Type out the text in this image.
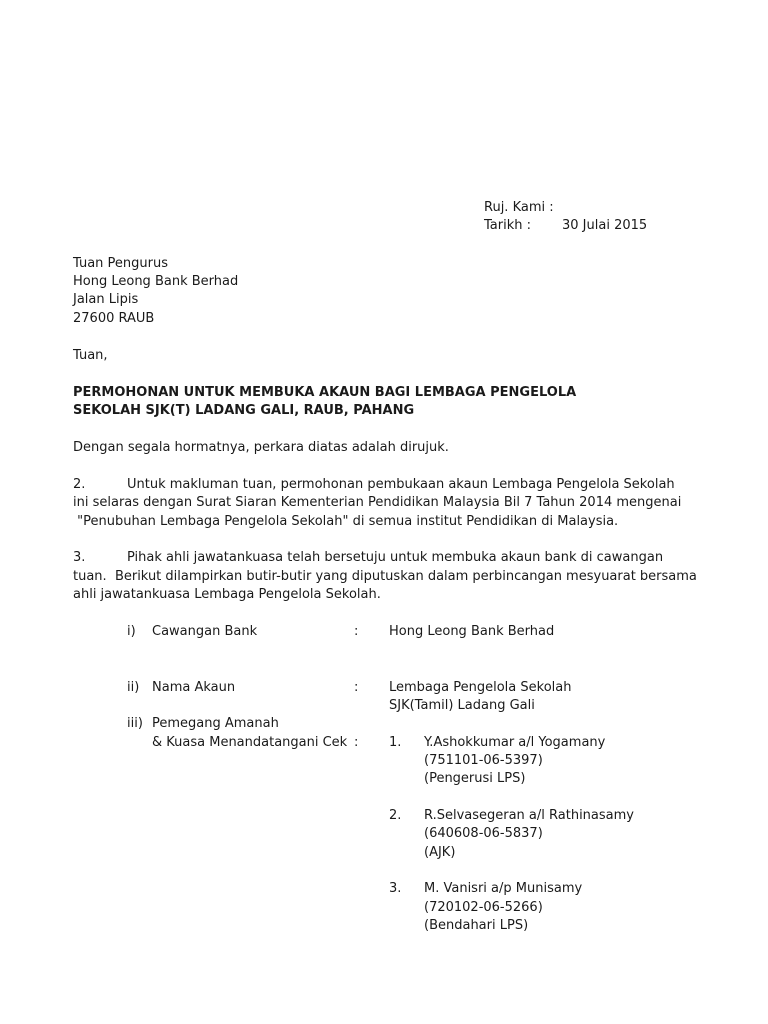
Ruj. Kami :
Tarikh : 30 Julai 2015
Tuan Pengurus
Hong Leong Bank Berhad
Jalan Lipis
27600 RAUB
Tuan,
PERMOHONAN UNTUK MEMBUKA AKAUN BAGI LEMBAGA PENGELOLA
SEKOLAH SJK(T) LADANG GALI, RAUB, PAHANG
Dengan segala hormatnya, perkara diatas adalah dirujuk.
2.	Untuk makluman tuan, permohonan pembukaan akaun Lembaga Pengelola Sekolah
ini selaras dengan Surat Siaran Kementerian Pendidikan Malaysia Bil 7 Tahun 2014 mengenai
"Penubuhan Lembaga Pengelola Sekolah" di semua institut Pendidikan di Malaysia.
3.	Pihak ahli jawatankuasa telah bersetuju untuk membuka akaun bank di cawangan
tuan.  Berikut dilampirkan butir-butir yang diputuskan dalam perbincangan mesyuarat bersama
ahli jawatankuasa Lembaga Pengelola Sekolah.
i) Cawangan Bank	: Hong Leong Bank Berhad
ii) Nama Akaun	: Lembaga Pengelola Sekolah
SJK(Tamil) Ladang Gali
iii) Pemegang Amanah
& Kuasa Menandatangani Cek : 1. Y.Ashokkumar a/l Yogamany
(751101-06-5397)
(Pengerusi LPS)
2. R.Selvasegeran a/l Rathinasamy
(640608-06-5837)
(AJK)
3. M. Vanisri a/p Munisamy
(720102-06-5266)
(Bendahari LPS)
